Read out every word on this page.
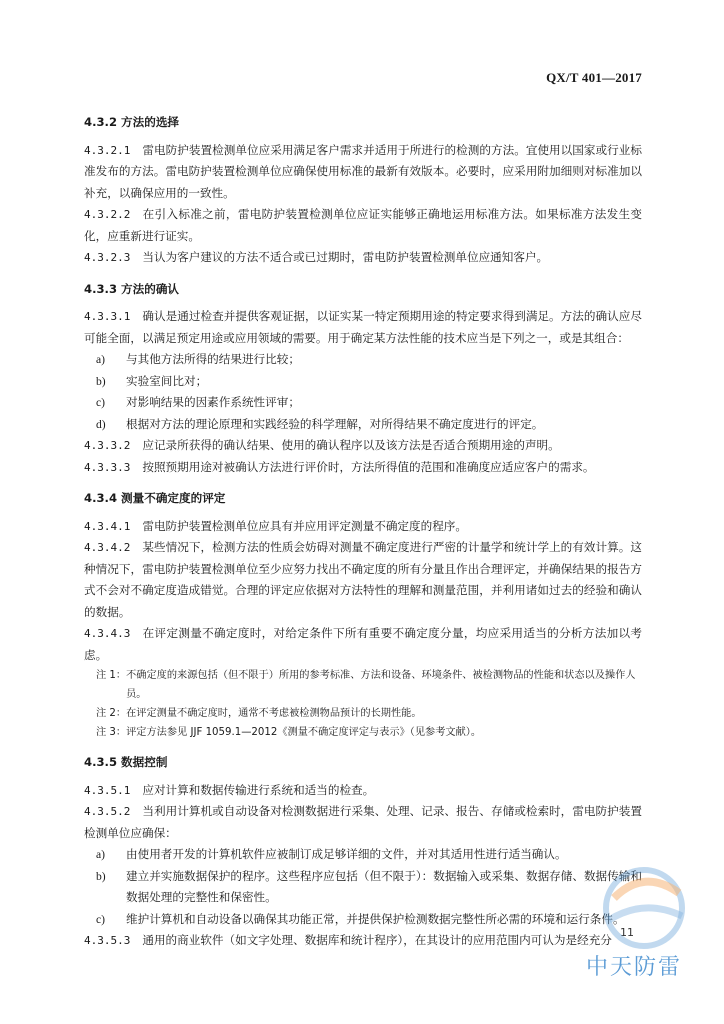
QX/T 401—2017
4.3.2 方法的选择
4.3.2.1 雷电防护装置检测单位应采用满足客户需求并适用于所进行的检测的方法。宜使用以国家或行业标准发布的方法。雷电防护装置检测单位应确保使用标准的最新有效版本。必要时，应采用附加细则对标准加以补充，以确保应用的一致性。
4.3.2.2 在引入标准之前，雷电防护装置检测单位应证实能够正确地运用标准方法。如果标准方法发生变化，应重新进行证实。
4.3.2.3 当认为客户建议的方法不适合或已过期时，雷电防护装置检测单位应通知客户。
4.3.3 方法的确认
4.3.3.1 确认是通过检查并提供客观证据，以证实某一特定预期用途的特定要求得到满足。方法的确认应尽可能全面，以满足预定用途或应用领域的需要。用于确定某方法性能的技术应当是下列之一，或是其组合：
a)	与其他方法所得的结果进行比较；
b)	实验室间比对；
c)	对影响结果的因素作系统性评审；
d)	根据对方法的理论原理和实践经验的科学理解，对所得结果不确定度进行的评定。
4.3.3.2 应记录所获得的确认结果、使用的确认程序以及该方法是否适合预期用途的声明。
4.3.3.3 按照预期用途对被确认方法进行评价时，方法所得值的范围和准确度应适应客户的需求。
4.3.4 测量不确定度的评定
4.3.4.1 雷电防护装置检测单位应具有并应用评定测量不确定度的程序。
4.3.4.2 某些情况下，检测方法的性质会妨碍对测量不确定度进行严密的计量学和统计学上的有效计算。这种情况下，雷电防护装置检测单位至少应努力找出不确定度的所有分量且作出合理评定，并确保结果的报告方式不会对不确定度造成错觉。合理的评定应依据对方法特性的理解和测量范围，并利用诸如过去的经验和确认的数据。
4.3.4.3 在评定测量不确定度时，对给定条件下所有重要不确定度分量，均应采用适当的分析方法加以考虑。
注 1： 不确定度的来源包括（但不限于）所用的参考标准、方法和设备、环境条件、被检测物品的性能和状态以及操作人员。
注 2： 在评定测量不确定度时，通常不考虑被检测物品预计的长期性能。
注 3： 评定方法参见 JJF 1059.1—2012《测量不确定度评定与表示》（见参考文献）。
4.3.5 数据控制
4.3.5.1 应对计算和数据传输进行系统和适当的检查。
4.3.5.2 当利用计算机或自动设备对检测数据进行采集、处理、记录、报告、存储或检索时，雷电防护装置检测单位应确保：
a)	由使用者开发的计算机软件应被制订成足够详细的文件，并对其适用性进行适当确认。
b)	建立并实施数据保护的程序。这些程序应包括（但不限于）：数据输入或采集、数据存储、数据传输和数据处理的完整性和保密性。
c)	维护计算机和自动设备以确保其功能正常，并提供保护检测数据完整性所必需的环境和运行条件。
4.3.5.3 通用的商业软件（如文字处理、数据库和统计程序），在其设计的应用范围内可认为是经充分
11
中天防雷
